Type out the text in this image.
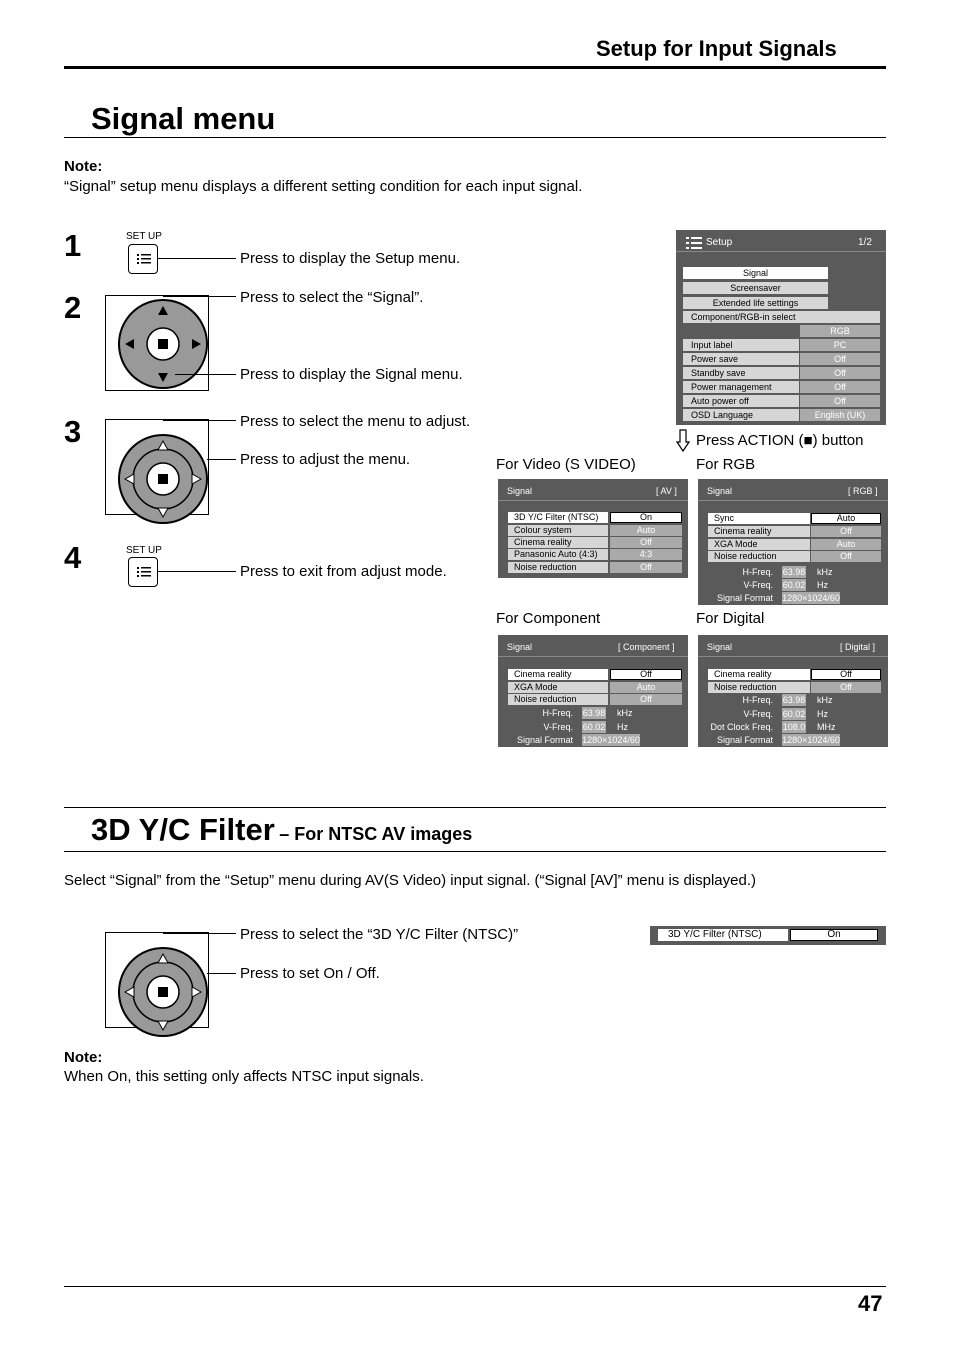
Setup for Input Signals
Signal menu
Note:
“Signal” setup menu displays a different setting condition for each input signal.
1	SET UP
Press to display the Setup menu.
2	Press to select the “Signal”.
Press to display the Signal menu.
3	Press to select the menu to adjust.
Press to adjust the menu.
4	SET UP
Press to exit from adjust mode.
Setup	1/2
Signal
Screensaver
Extended life settings
Component/RGB-in select
RGB
Input label	PC
Power save	Off
Standby save	Off
Power management	Off
Auto power off	Off
OSD Language	English (UK)
Press ACTION (■) button
For Video (S VIDEO)	For RGB
For Component	For Digital
Signal	[ AV ]
3D Y/C Filter (NTSC)	On
Colour system	Auto
Cinema reality	Off
Panasonic Auto (4:3)	4:3
Noise reduction	Off
Signal	[ RGB ]
Sync	Auto
Cinema reality	Off
XGA Mode	Auto
Noise reduction	Off
H-Freq. 63.98 kHz
V-Freq. 60.02 Hz
Signal Format 1280×1024/60
Signal	[ Component ]
Cinema reality	Off
XGA Mode	Auto
Noise reduction	Off
H-Freq. 63.98 kHz
V-Freq. 60.02 Hz
Signal Format 1280×1024/60
Signal	[ Digital ]
Cinema reality	Off
Noise reduction	Off
H-Freq. 63.98 kHz
V-Freq. 60.02 Hz
Dot Clock Freq. 108.0 MHz
Signal Format 1280×1024/60
3D Y/C Filter – For NTSC AV images
Select “Signal” from the “Setup” menu during AV(S Video) input signal. (“Signal [AV]” menu is displayed.)
Press to select the “3D Y/C Filter (NTSC)”
Press to set On / Off.
3D Y/C Filter (NTSC)	On
Note:
When On, this setting only affects NTSC input signals.
47
